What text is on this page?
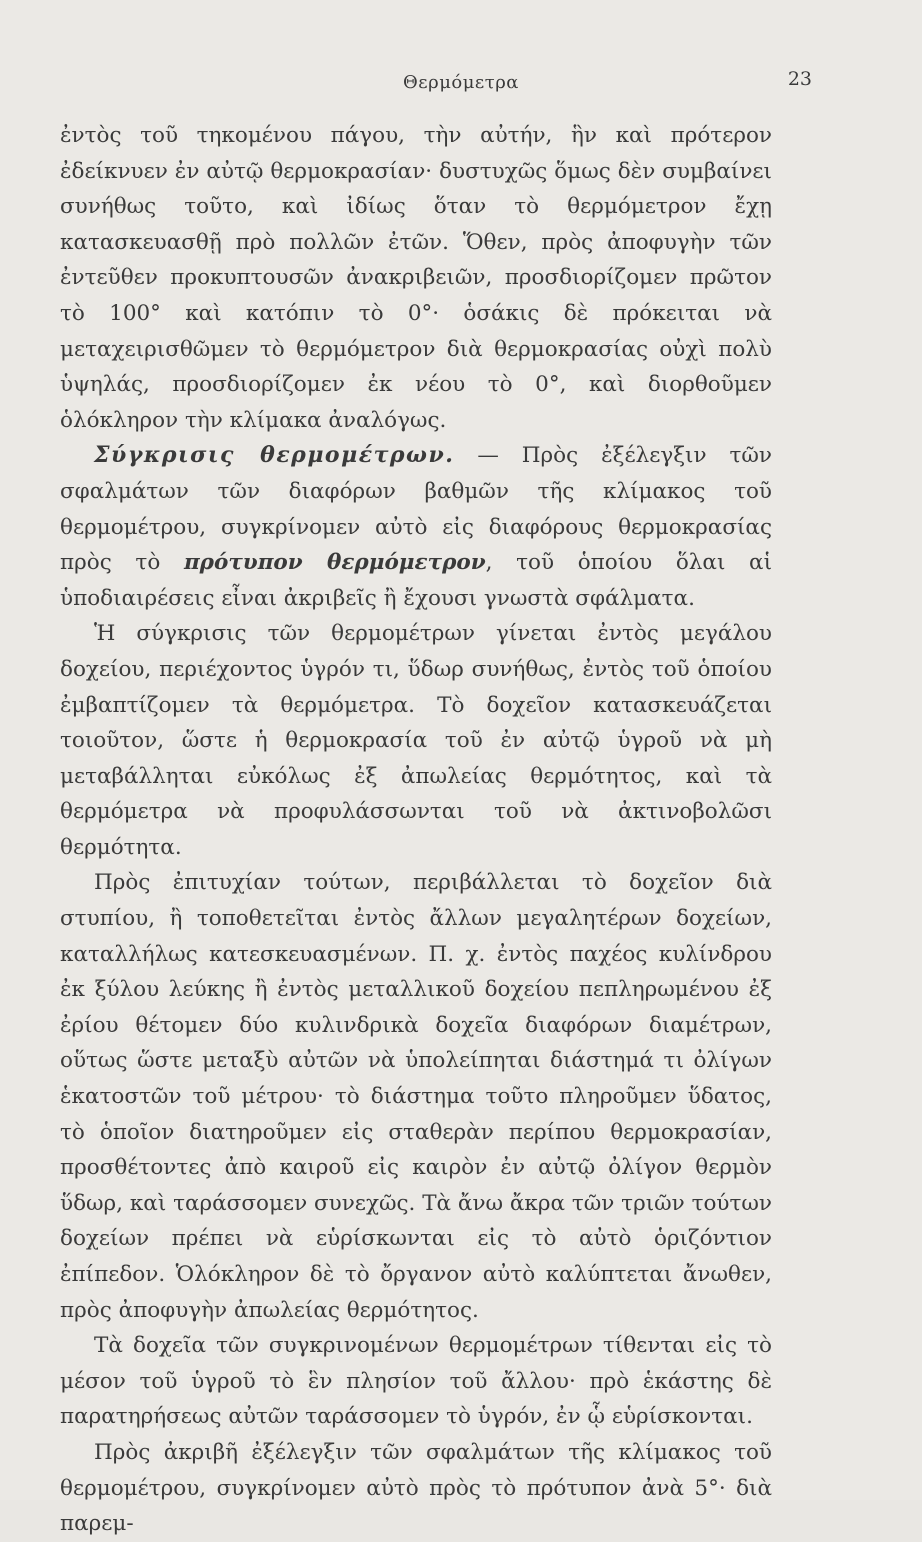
Θερμόμετρα	23

ἐντὸς τοῦ τηκομένου πάγου, τὴν αὐτήν, ἣν καὶ πρότερον ἐδείκνυεν ἐν αὐτῷ θερμοκρασίαν· δυστυχῶς ὅμως δὲν συμβαίνει συνήθως τοῦτο, καὶ ἰδίως ὅταν τὸ θερμόμετρον ἔχῃ κατασκευασθῇ πρὸ πολλῶν ἐτῶν. Ὅθεν, πρὸς ἀποφυγὴν τῶν ἐντεῦθεν προκυπτουσῶν ἀνακριβειῶν, προσδιορίζομεν πρῶτον τὸ 100° καὶ κατόπιν τὸ 0°· ὁσάκις δὲ πρόκειται νὰ μεταχειρισθῶμεν τὸ θερμόμετρον διὰ θερμοκρασίας οὐχὶ πολὺ ὑψηλάς, προσδιορίζομεν ἐκ νέου τὸ 0°, καὶ διορθοῦμεν ὁλόκληρον τὴν κλίμακα ἀναλόγως.

Σύγκρισις θερμομέτρων. — Πρὸς ἐξέλεγξιν τῶν σφαλμάτων τῶν διαφόρων βαθμῶν τῆς κλίμακος τοῦ θερμομέτρου, συγκρίνομεν αὐτὸ εἰς διαφόρους θερμοκρασίας πρὸς τὸ πρότυπον θερμόμετρον, τοῦ ὁποίου ὅλαι αἱ ὑποδιαιρέσεις εἶναι ἀκριβεῖς ἢ ἔχουσι γνωστὰ σφάλματα.

Ἡ σύγκρισις τῶν θερμομέτρων γίνεται ἐντὸς μεγάλου δοχείου, περιέχοντος ὑγρόν τι, ὕδωρ συνήθως, ἐντὸς τοῦ ὁποίου ἐμβαπτίζομεν τὰ θερμόμετρα. Τὸ δοχεῖον κατασκευάζεται τοιοῦτον, ὥστε ἡ θερμοκρασία τοῦ ἐν αὐτῷ ὑγροῦ νὰ μὴ μεταβάλληται εὐκόλως ἐξ ἀπωλείας θερμότητος, καὶ τὰ θερμόμετρα νὰ προφυλάσσωνται τοῦ νὰ ἀκτινοβολῶσι θερμότητα.

Πρὸς ἐπιτυχίαν τούτων, περιβάλλεται τὸ δοχεῖον διὰ στυπίου, ἢ τοποθετεῖται ἐντὸς ἄλλων μεγαλητέρων δοχείων, καταλλήλως κατεσκευασμένων. Π. χ. ἐντὸς παχέος κυλίνδρου ἐκ ξύλου λεύκης ἢ ἐντὸς μεταλλικοῦ δοχείου πεπληρωμένου ἐξ ἐρίου θέτομεν δύο κυλινδρικὰ δοχεῖα διαφόρων διαμέτρων, οὕτως ὥστε μεταξὺ αὐτῶν νὰ ὑπολείπηται διάστημά τι ὀλίγων ἑκατοστῶν τοῦ μέτρου· τὸ διάστημα τοῦτο πληροῦμεν ὕδατος, τὸ ὁποῖον διατηροῦμεν εἰς σταθερὰν περίπου θερμοκρασίαν, προσθέτοντες ἀπὸ καιροῦ εἰς καιρὸν ἐν αὐτῷ ὀλίγον θερμὸν ὕδωρ, καὶ ταράσσομεν συνεχῶς. Τὰ ἄνω ἄκρα τῶν τριῶν τούτων δοχείων πρέπει νὰ εὑρίσκωνται εἰς τὸ αὐτὸ ὁριζόντιον ἐπίπεδον. Ὁλόκληρον δὲ τὸ ὄργανον αὐτὸ καλύπτεται ἄνωθεν, πρὸς ἀποφυγὴν ἀπωλείας θερμότητος.

Τὰ δοχεῖα τῶν συγκρινομένων θερμομέτρων τίθενται εἰς τὸ μέσον τοῦ ὑγροῦ τὸ ἓν πλησίον τοῦ ἄλλου· πρὸ ἑκάστης δὲ παρατηρήσεως αὐτῶν ταράσσομεν τὸ ὑγρόν, ἐν ᾧ εὑρίσκονται.

Πρὸς ἀκριβῆ ἐξέλεγξιν τῶν σφαλμάτων τῆς κλίμακος τοῦ θερμομέτρου, συγκρίνομεν αὐτὸ πρὸς τὸ πρότυπον ἀνὰ 5°· διὰ παρεμ-
